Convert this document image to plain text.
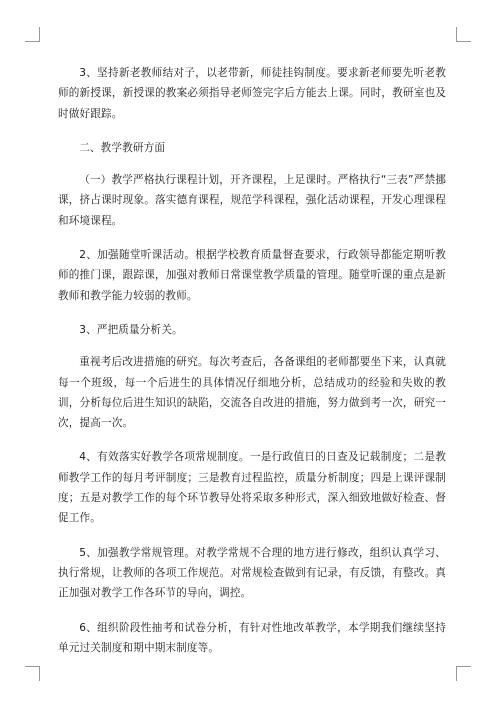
3、坚持新老教师结对子，以老带新，师徒挂钩制度。要求新老师要先听老教师的新授课，新授课的教案必须指导老师签完字后方能去上课。同时，教研室也及时做好跟踪。

二、教学教研方面

（一）教学严格执行课程计划，开齐课程，上足课时。严格执行“三表”严禁挪课，挤占课时现象。落实德育课程，规范学科课程，强化活动课程，开发心理课程和环境课程。

2、加强随堂听课活动。根据学校教育质量督查要求，行政领导都能定期听教师的推门课，跟踪课，加强对教师日常课堂教学质量的管理。随堂听课的重点是新教师和教学能力较弱的教师。

3、严把质量分析关。

重视考后改进措施的研究。每次考查后，各备课组的老师都要坐下来，认真就每一个班级，每一个后进生的具体情况仔细地分析，总结成功的经验和失败的教训，分析每位后进生知识的缺陷，交流各自改进的措施，努力做到考一次，研究一次，提高一次。

4、有效落实好教学各项常规制度。一是行政值日的日查及记载制度；二是教师教学工作的每月考评制度；三是教育过程监控，质量分析制度；四是上课评课制度；五是对教学工作的每个环节教导处将采取多种形式，深入细致地做好检查、督促工作。

5、加强教学常规管理。对教学常规不合理的地方进行修改，组织认真学习、执行常规，让教师的各项工作规范。对常规检查做到有记录，有反馈，有整改。真正加强对教学工作各环节的导向，调控。

6、组织阶段性抽考和试卷分析，有针对性地改革教学，本学期我们继续坚持单元过关制度和期中期末制度等。
